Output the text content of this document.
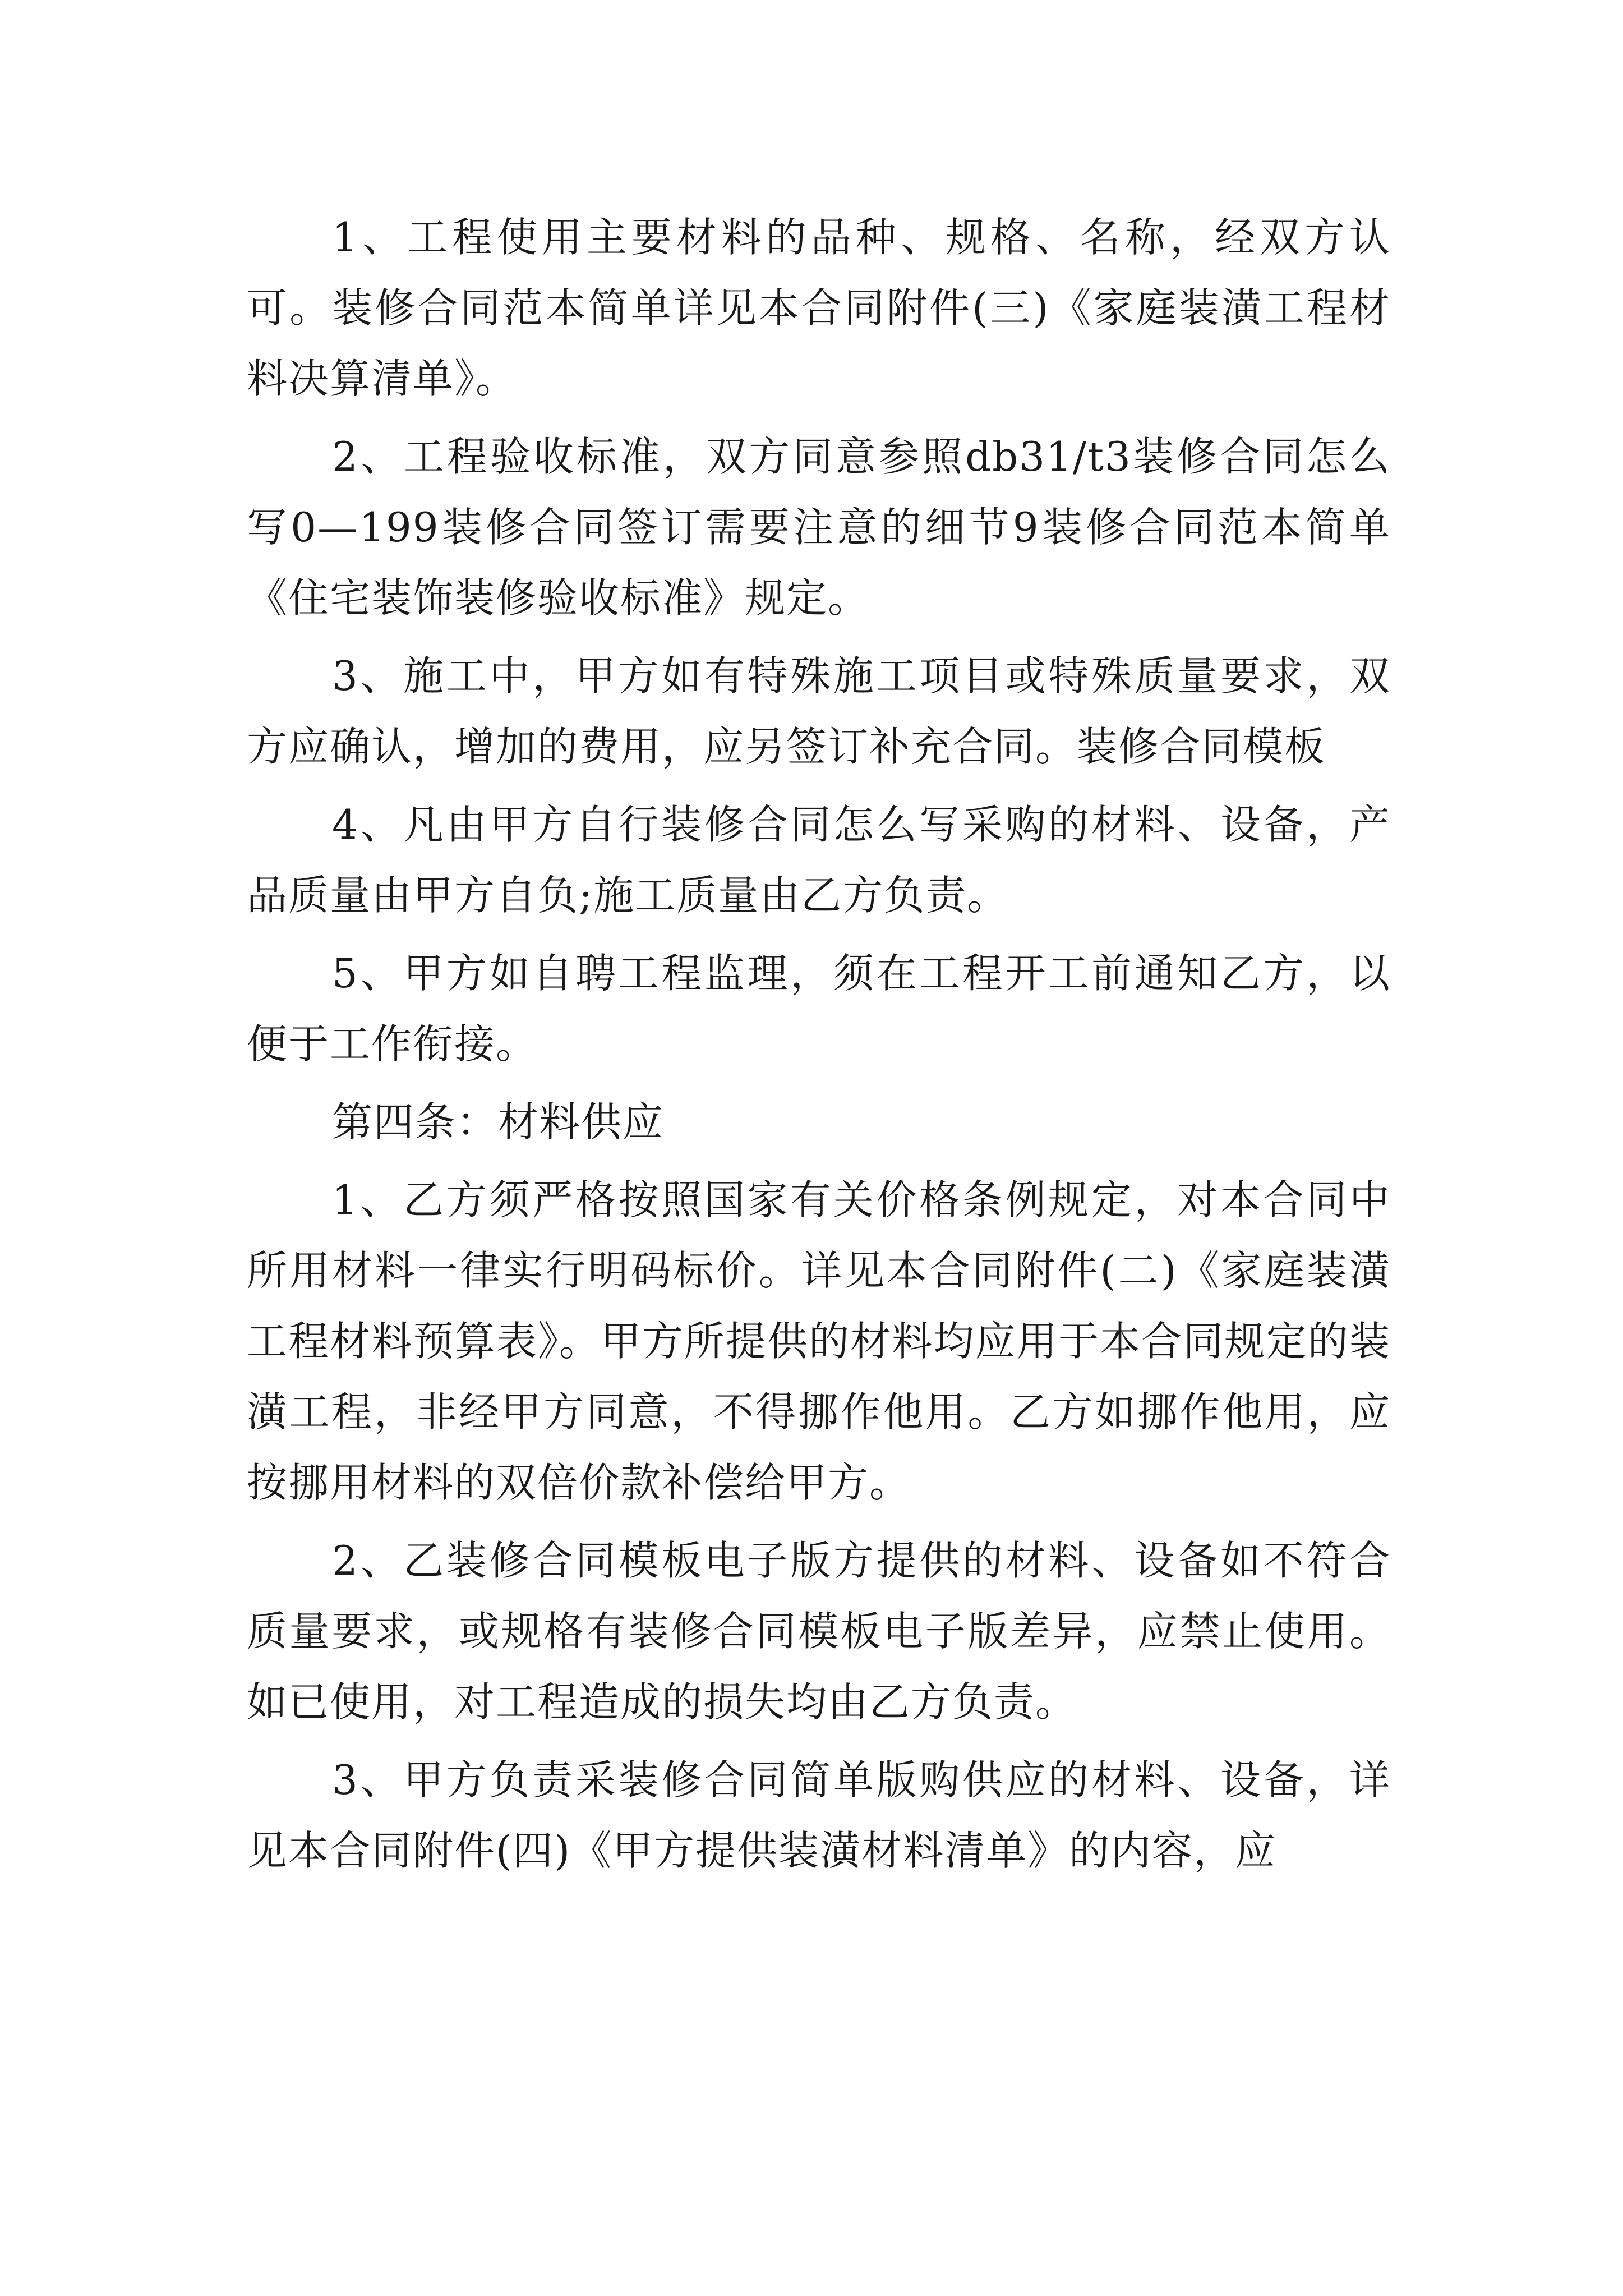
1、工程使用主要材料的品种、规格、名称，经双方认可。装修合同范本简单详见本合同附件(三)《家庭装潢工程材料决算清单》。

2、工程验收标准，双方同意参照db31/t3装修合同怎么写0—199装修合同签订需要注意的细节9装修合同范本简单《住宅装饰装修验收标准》规定。

3、施工中，甲方如有特殊施工项目或特殊质量要求，双方应确认，增加的费用，应另签订补充合同。装修合同模板

4、凡由甲方自行装修合同怎么写采购的材料、设备，产品质量由甲方自负;施工质量由乙方负责。

5、甲方如自聘工程监理，须在工程开工前通知乙方，以便于工作衔接。

第四条：材料供应

1、乙方须严格按照国家有关价格条例规定，对本合同中所用材料一律实行明码标价。详见本合同附件(二)《家庭装潢工程材料预算表》。甲方所提供的材料均应用于本合同规定的装潢工程，非经甲方同意，不得挪作他用。乙方如挪作他用，应按挪用材料的双倍价款补偿给甲方。

2、乙装修合同模板电子版方提供的材料、设备如不符合质量要求，或规格有装修合同模板电子版差异，应禁止使用。如已使用，对工程造成的损失均由乙方负责。

3、甲方负责采装修合同简单版购供应的材料、设备，详见本合同附件(四)《甲方提供装潢材料清单》的内容，应
